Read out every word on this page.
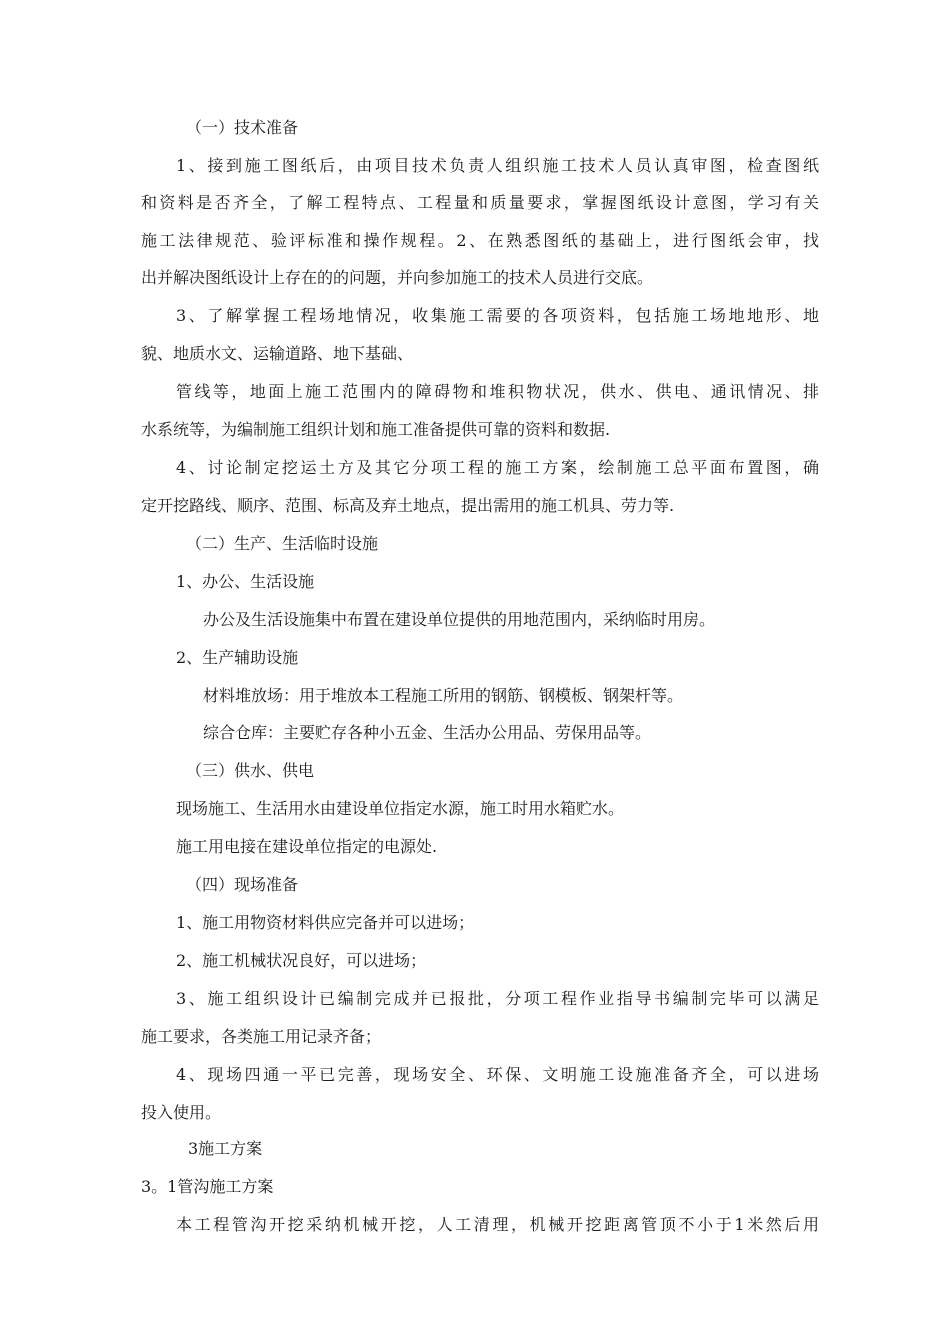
（一）技术准备

1、接到施工图纸后，由项目技术负责人组织施工技术人员认真审图，检查图纸

和资料是否齐全，了解工程特点、工程量和质量要求，掌握图纸设计意图，学习有关

施工法律规范、验评标准和操作规程。2、在熟悉图纸的基础上，进行图纸会审，找

出并解决图纸设计上存在的的问题，并向参加施工的技术人员进行交底。

3、了解掌握工程场地情况，收集施工需要的各项资料，包括施工场地地形、地

貌、地质水文、运输道路、地下基础、

管线等，地面上施工范围内的障碍物和堆积物状况，供水、供电、通讯情况、排

水系统等，为编制施工组织计划和施工准备提供可靠的资料和数据.

4、讨论制定挖运土方及其它分项工程的施工方案，绘制施工总平面布置图，确

定开挖路线、顺序、范围、标高及弃土地点，提出需用的施工机具、劳力等.

（二）生产、生活临时设施

1、办公、生活设施

办公及生活设施集中布置在建设单位提供的用地范围内，采纳临时用房。

2、生产辅助设施

材料堆放场：用于堆放本工程施工所用的钢筋、钢模板、钢架杆等。

综合仓库：主要贮存各种小五金、生活办公用品、劳保用品等。

（三）供水、供电

现场施工、生活用水由建设单位指定水源，施工时用水箱贮水。

施工用电接在建设单位指定的电源处.

（四）现场准备

1、施工用物资材料供应完备并可以进场；

2、施工机械状况良好，可以进场；

3、施工组织设计已编制完成并已报批，分项工程作业指导书编制完毕可以满足

施工要求，各类施工用记录齐备；

4、现场四通一平已完善，现场安全、环保、文明施工设施准备齐全，可以进场

投入使用。

3施工方案

3。1管沟施工方案

本工程管沟开挖采纳机械开挖，人工清理，机械开挖距离管顶不小于1米然后用
